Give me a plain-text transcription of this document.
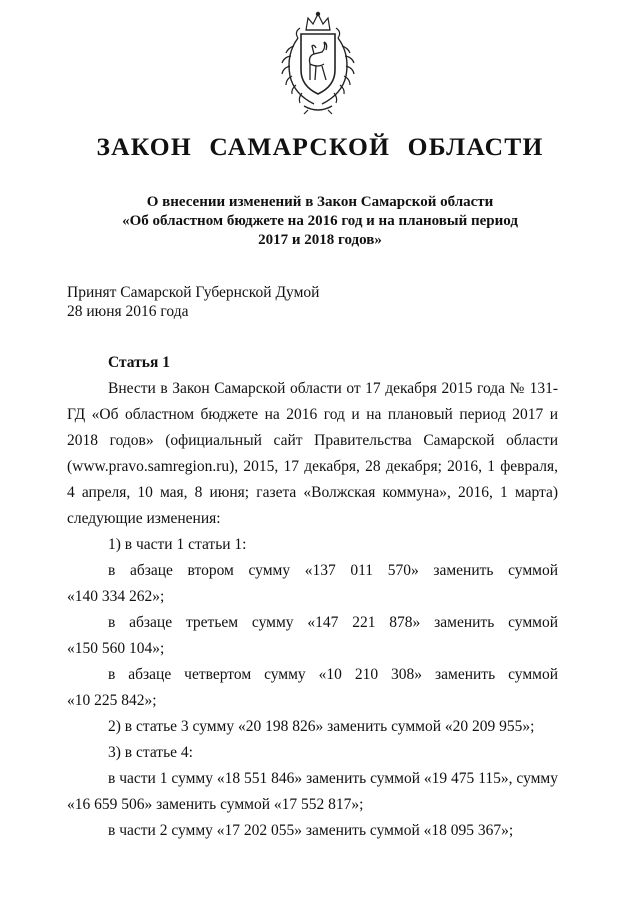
ЗАКОН САМАРСКОЙ ОБЛАСТИ
О внесении изменений в Закон Самарской области
«Об областном бюджете на 2016 год и на плановый период
2017 и 2018 годов»
Принят Самарской Губернской Думой
28 июня 2016 года
Статья 1

Внести в Закон Самарской области от 17 декабря 2015 года № 131-ГД «Об областном бюджете на 2016 год и на плановый период 2017 и 2018 годов» (официальный сайт Правительства Самарской области (www.pravo.samregion.ru), 2015, 17 декабря, 28 декабря; 2016, 1 февраля, 4 апреля, 10 мая, 8 июня; газета «Волжская коммуна», 2016, 1 марта) следующие изменения:

1) в части 1 статьи 1:

в абзаце втором сумму «137 011 570» заменить суммой

«140 334 262»;

в абзаце третьем сумму «147 221 878» заменить суммой

«150 560 104»;

в абзаце четвертом сумму «10 210 308» заменить суммой

«10 225 842»;

2) в статье 3 сумму «20 198 826» заменить суммой «20 209 955»;

3) в статье 4:

в части 1 сумму «18 551 846» заменить суммой «19 475 115», сумму «16 659 506» заменить суммой «17 552 817»;

в части 2 сумму «17 202 055» заменить суммой «18 095 367»;
